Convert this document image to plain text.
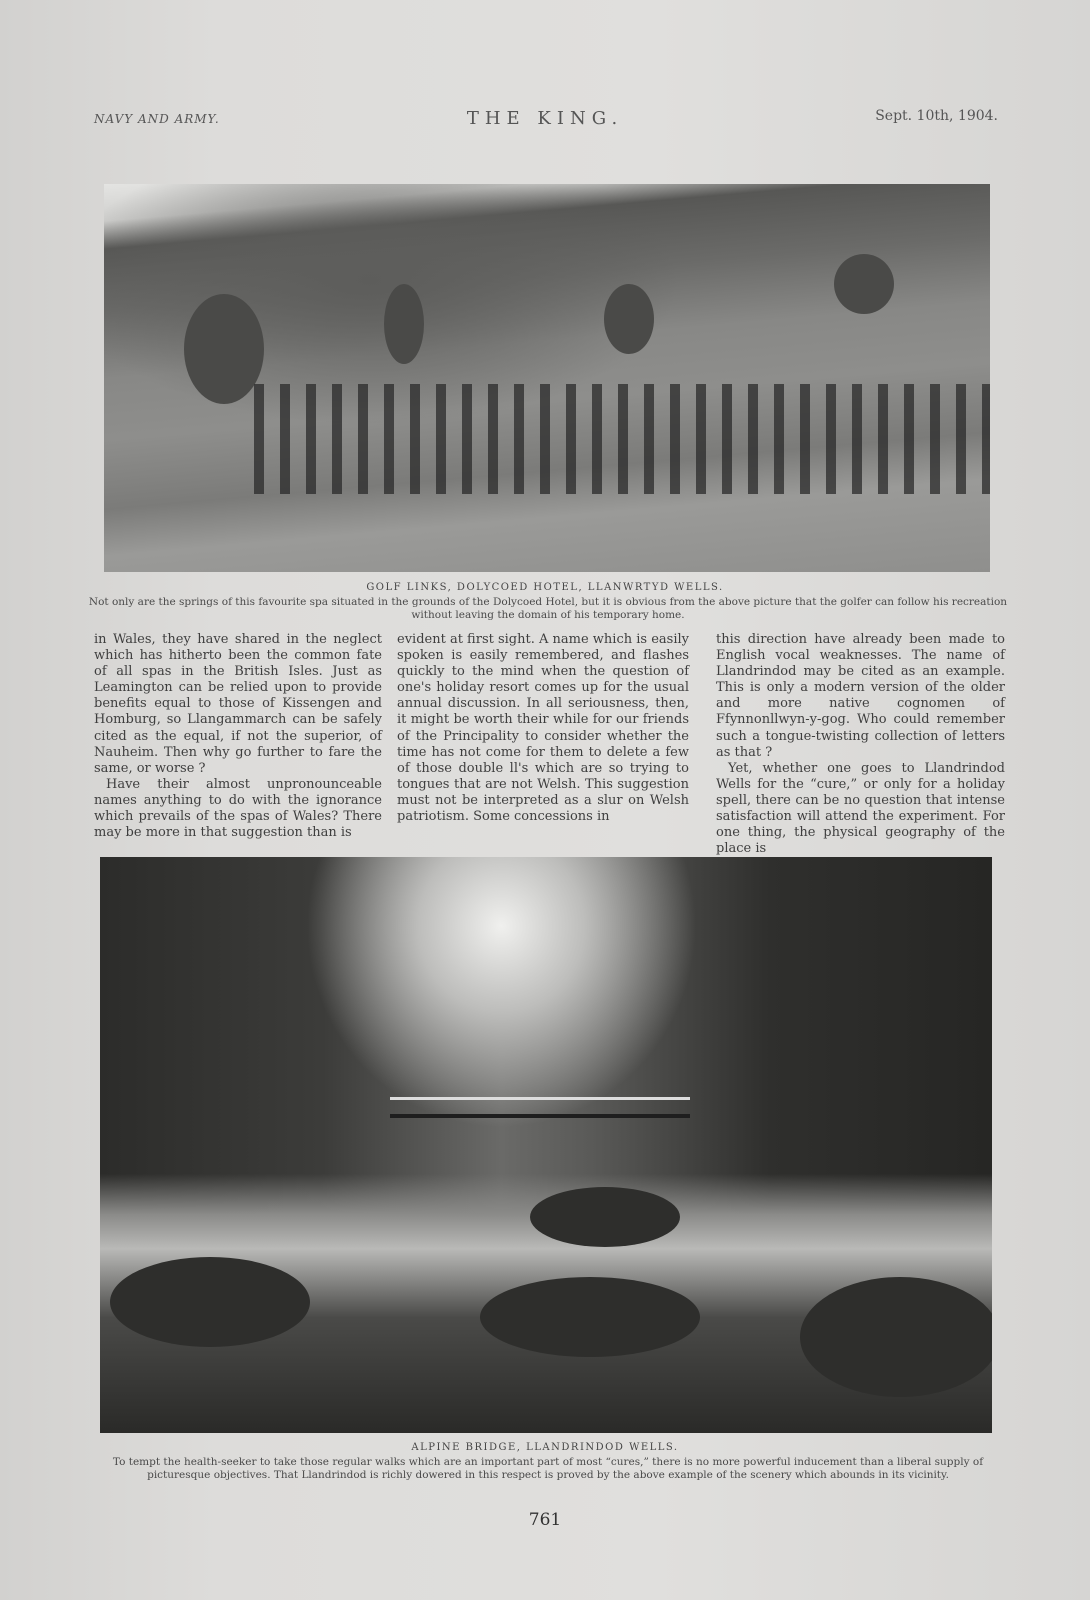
NAVY AND ARMY.	THE KING.	Sept. 10th, 1904.
GOLF LINKS, DOLYCOED HOTEL, LLANWRTYD WELLS.
Not only are the springs of this favourite spa situated in the grounds of the Dolycoed Hotel, but it is obvious from the above picture that the golfer can follow his recreation without leaving the domain of his temporary home.

in Wales, they have shared in the neglect which has hitherto been the common fate of all spas in the British Isles. Just as Leamington can be relied upon to provide benefits equal to those of Kissengen and Homburg, so Llangammarch can be safely cited as the equal, if not the superior, of Nauheim. Then why go further to fare the same, or worse ?

Have their almost unpronounceable names anything to do with the ignorance which prevails of the spas of Wales? There may be more in that suggestion than is

evident at first sight. A name which is easily spoken is easily remembered, and flashes quickly to the mind when the question of one's holiday resort comes up for the usual annual discussion. In all seriousness, then, it might be worth their while for our friends of the Principality to consider whether the time has not come for them to delete a few of those double ll's which are so trying to tongues that are not Welsh. This suggestion must not be interpreted as a slur on Welsh patriotism. Some concessions in

this direction have already been made to English vocal weaknesses. The name of Llandrindod may be cited as an example. This is only a modern version of the older and more native cognomen of Ffynnonllwyn-y-gog. Who could remember such a tongue-twisting collection of letters as that ?

Yet, whether one goes to Llandrindod Wells for the “cure,” or only for a holiday spell, there can be no question that intense satisfaction will attend the experiment. For one thing, the physical geography of the place is

ALPINE BRIDGE, LLANDRINDOD WELLS.
To tempt the health-seeker to take those regular walks which are an important part of most “cures,” there is no more powerful inducement than a liberal supply of picturesque objectives. That Llandrindod is richly dowered in this respect is proved by the above example of the scenery which abounds in its vicinity.
761
